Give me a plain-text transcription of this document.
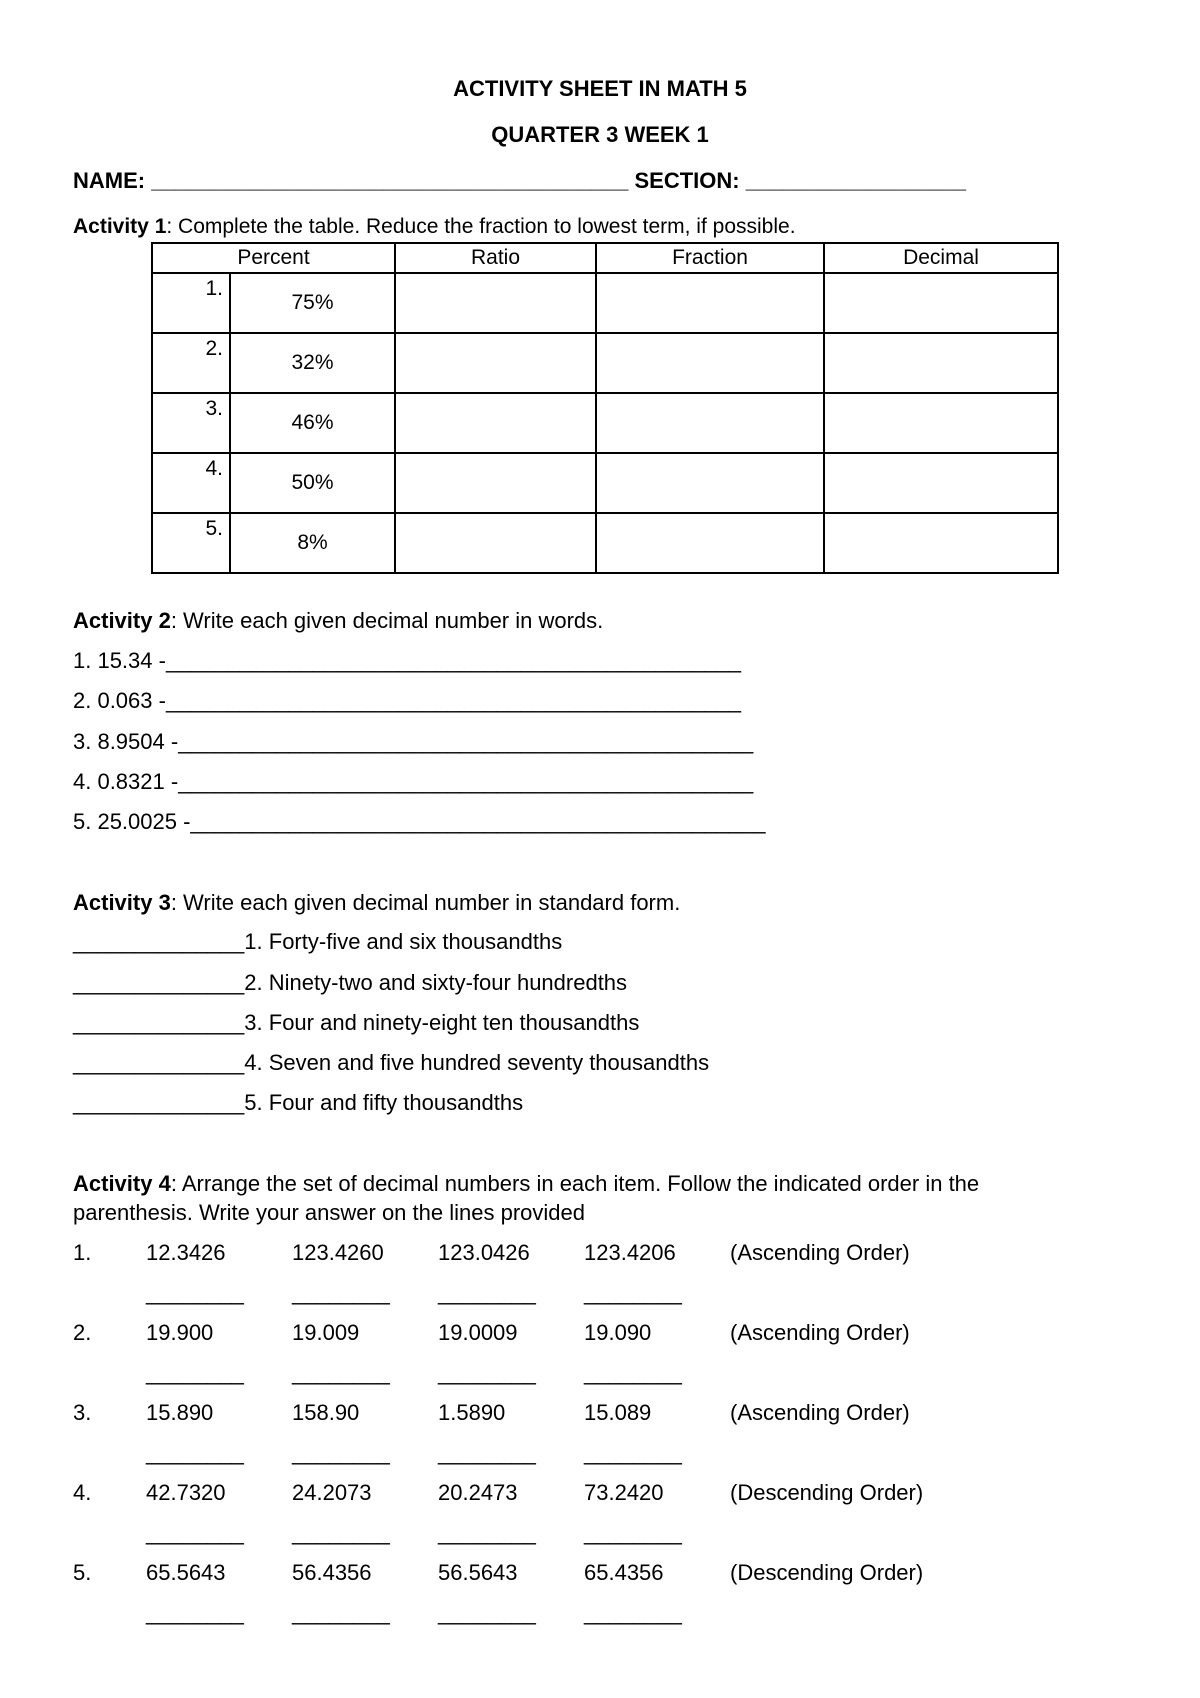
ACTIVITY SHEET IN MATH 5
QUARTER 3 WEEK 1
NAME: _______________________________________ SECTION: __________________
Activity 1: Complete the table. Reduce the fraction to lowest term, if possible.
Percent		Ratio	Fraction	Decimal
1.	75%			
2.	32%			
3.	46%			
4.	50%			
5.	8%			
Activity 2: Write each given decimal number in words.
1. 15.34 -_______________________________________________
2. 0.063 -_______________________________________________
3. 8.9504 -_______________________________________________
4. 0.8321 -_______________________________________________
5. 25.0025 -_______________________________________________
Activity 3: Write each given decimal number in standard form.
______________1. Forty-five and six thousandths
______________2. Ninety-two and sixty-four hundredths
______________3. Four and ninety-eight ten thousandths
______________4. Seven and five hundred seventy thousandths
______________5. Four and fifty thousandths
Activity 4: Arrange the set of decimal numbers in each item. Follow the indicated order in the
parenthesis. Write your answer on the lines provided
1. 12.3426	123.4260 123.0426 123.4206 (Ascending Order)
________ ________ ________ ________
2. 19.900	19.009	19.0009	19.090	(Ascending Order)
________ ________ ________ ________
3. 15.890	158.90	1.5890	15.089	(Ascending Order)
________ ________ ________ ________
4. 42.7320	24.2073	20.2473	73.2420	(Descending Order)
________ ________ ________ ________
5. 65.5643	56.4356	56.5643	65.4356	(Descending Order)
________ ________ ________ ________
